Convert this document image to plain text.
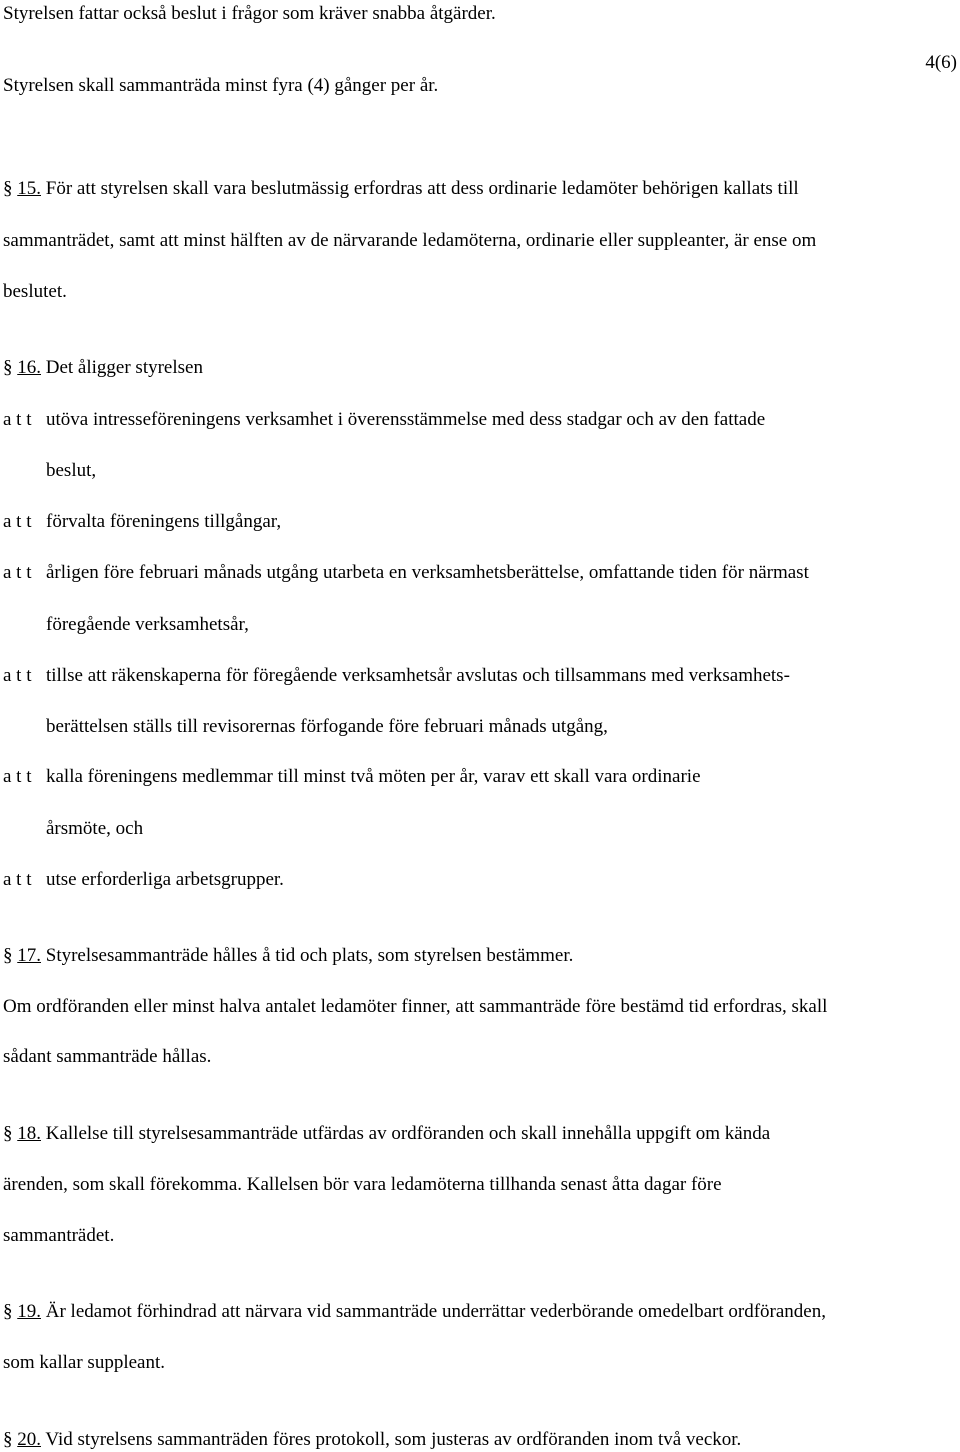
Styrelsen fattar också beslut i frågor som kräver snabba åtgärder.
4(6)
Styrelsen skall sammanträda minst fyra (4) gånger per år.
§ 15. För att styrelsen skall vara beslutmässig erfordras att dess ordinarie ledamöter behörigen kallats till
sammanträdet, samt att minst hälften av de närvarande ledamöterna, ordinarie eller suppleanter, är ense om
beslutet.
§ 16. Det åligger styrelsen
a t t utöva intresseföreningens verksamhet i överensstämmelse med dess stadgar och av den fattade
beslut,
a t t förvalta föreningens tillgångar,
a t t årligen före februari månads utgång utarbeta en verksamhetsberättelse, omfattande tiden för närmast
föregående verksamhetsår,
a t t tillse att räkenskaperna för föregående verksamhetsår avslutas och tillsammans med verksamhets-
berättelsen ställs till revisorernas förfogande före februari månads utgång,
a t t kalla föreningens medlemmar till minst två möten per år, varav ett skall vara ordinarie
årsmöte, och
a t t utse erforderliga arbetsgrupper.
§ 17. Styrelsesammanträde hålles å tid och plats, som styrelsen bestämmer.
Om ordföranden eller minst halva antalet ledamöter finner, att sammanträde före bestämd tid erfordras, skall
sådant sammanträde hållas.
§ 18. Kallelse till styrelsesammanträde utfärdas av ordföranden och skall innehålla uppgift om kända
ärenden, som skall förekomma. Kallelsen bör vara ledamöterna tillhanda senast åtta dagar före
sammanträdet.
§ 19. Är ledamot förhindrad att närvara vid sammanträde underrättar vederbörande omedelbart ordföranden,
som kallar suppleant.
§ 20. Vid styrelsens sammanträden föres protokoll, som justeras av ordföranden inom två veckor.
